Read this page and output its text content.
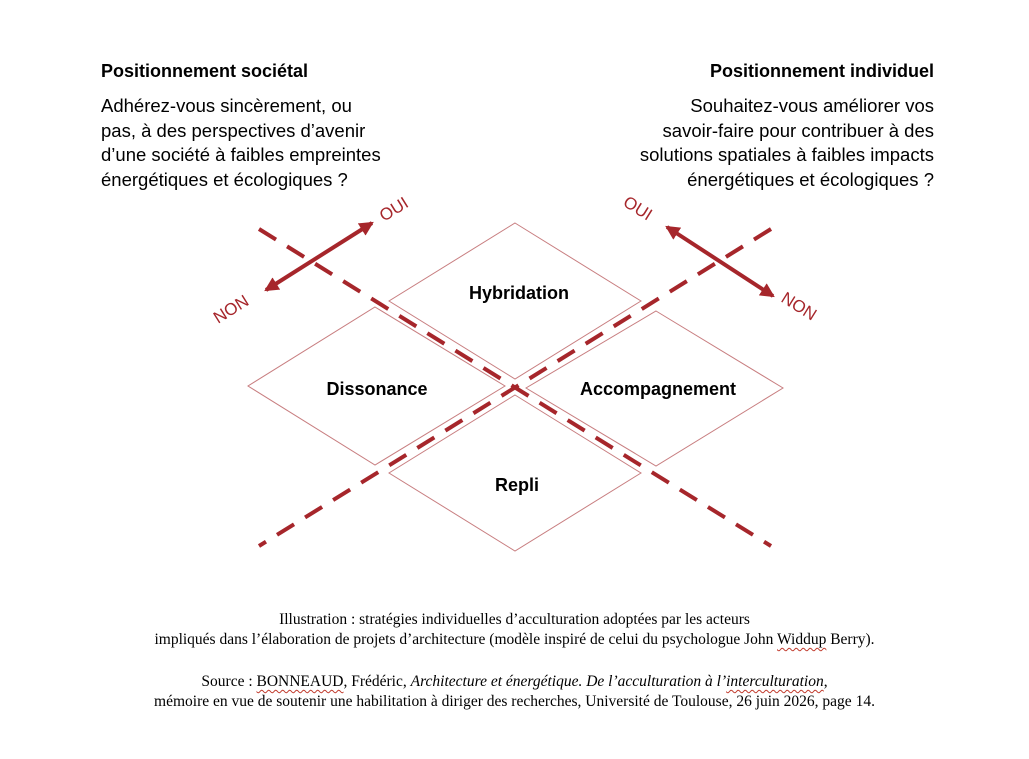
Positionnement sociétal
Adhérez-vous sincèrement, ou
pas, à des perspectives d’avenir
d’une société à faibles empreintes
énergétiques et écologiques ?
Positionnement individuel
Souhaitez-vous améliorer vos
savoir-faire pour contribuer à des
solutions spatiales à faibles impacts
énergétiques et écologiques ?
OUI
NON
OUI
NON
Hybridation
Dissonance	Accompagnement
Repli
Illustration : stratégies individuelles d’acculturation adoptées par les acteurs
impliqués dans l’élaboration de projets d’architecture (modèle inspiré de celui du psychologue John Widdup Berry).
Source : BONNEAUD, Frédéric, Architecture et énergétique. De l’acculturation à l’interculturation,
mémoire en vue de soutenir une habilitation à diriger des recherches, Université de Toulouse, 26 juin 2026, page 14.
